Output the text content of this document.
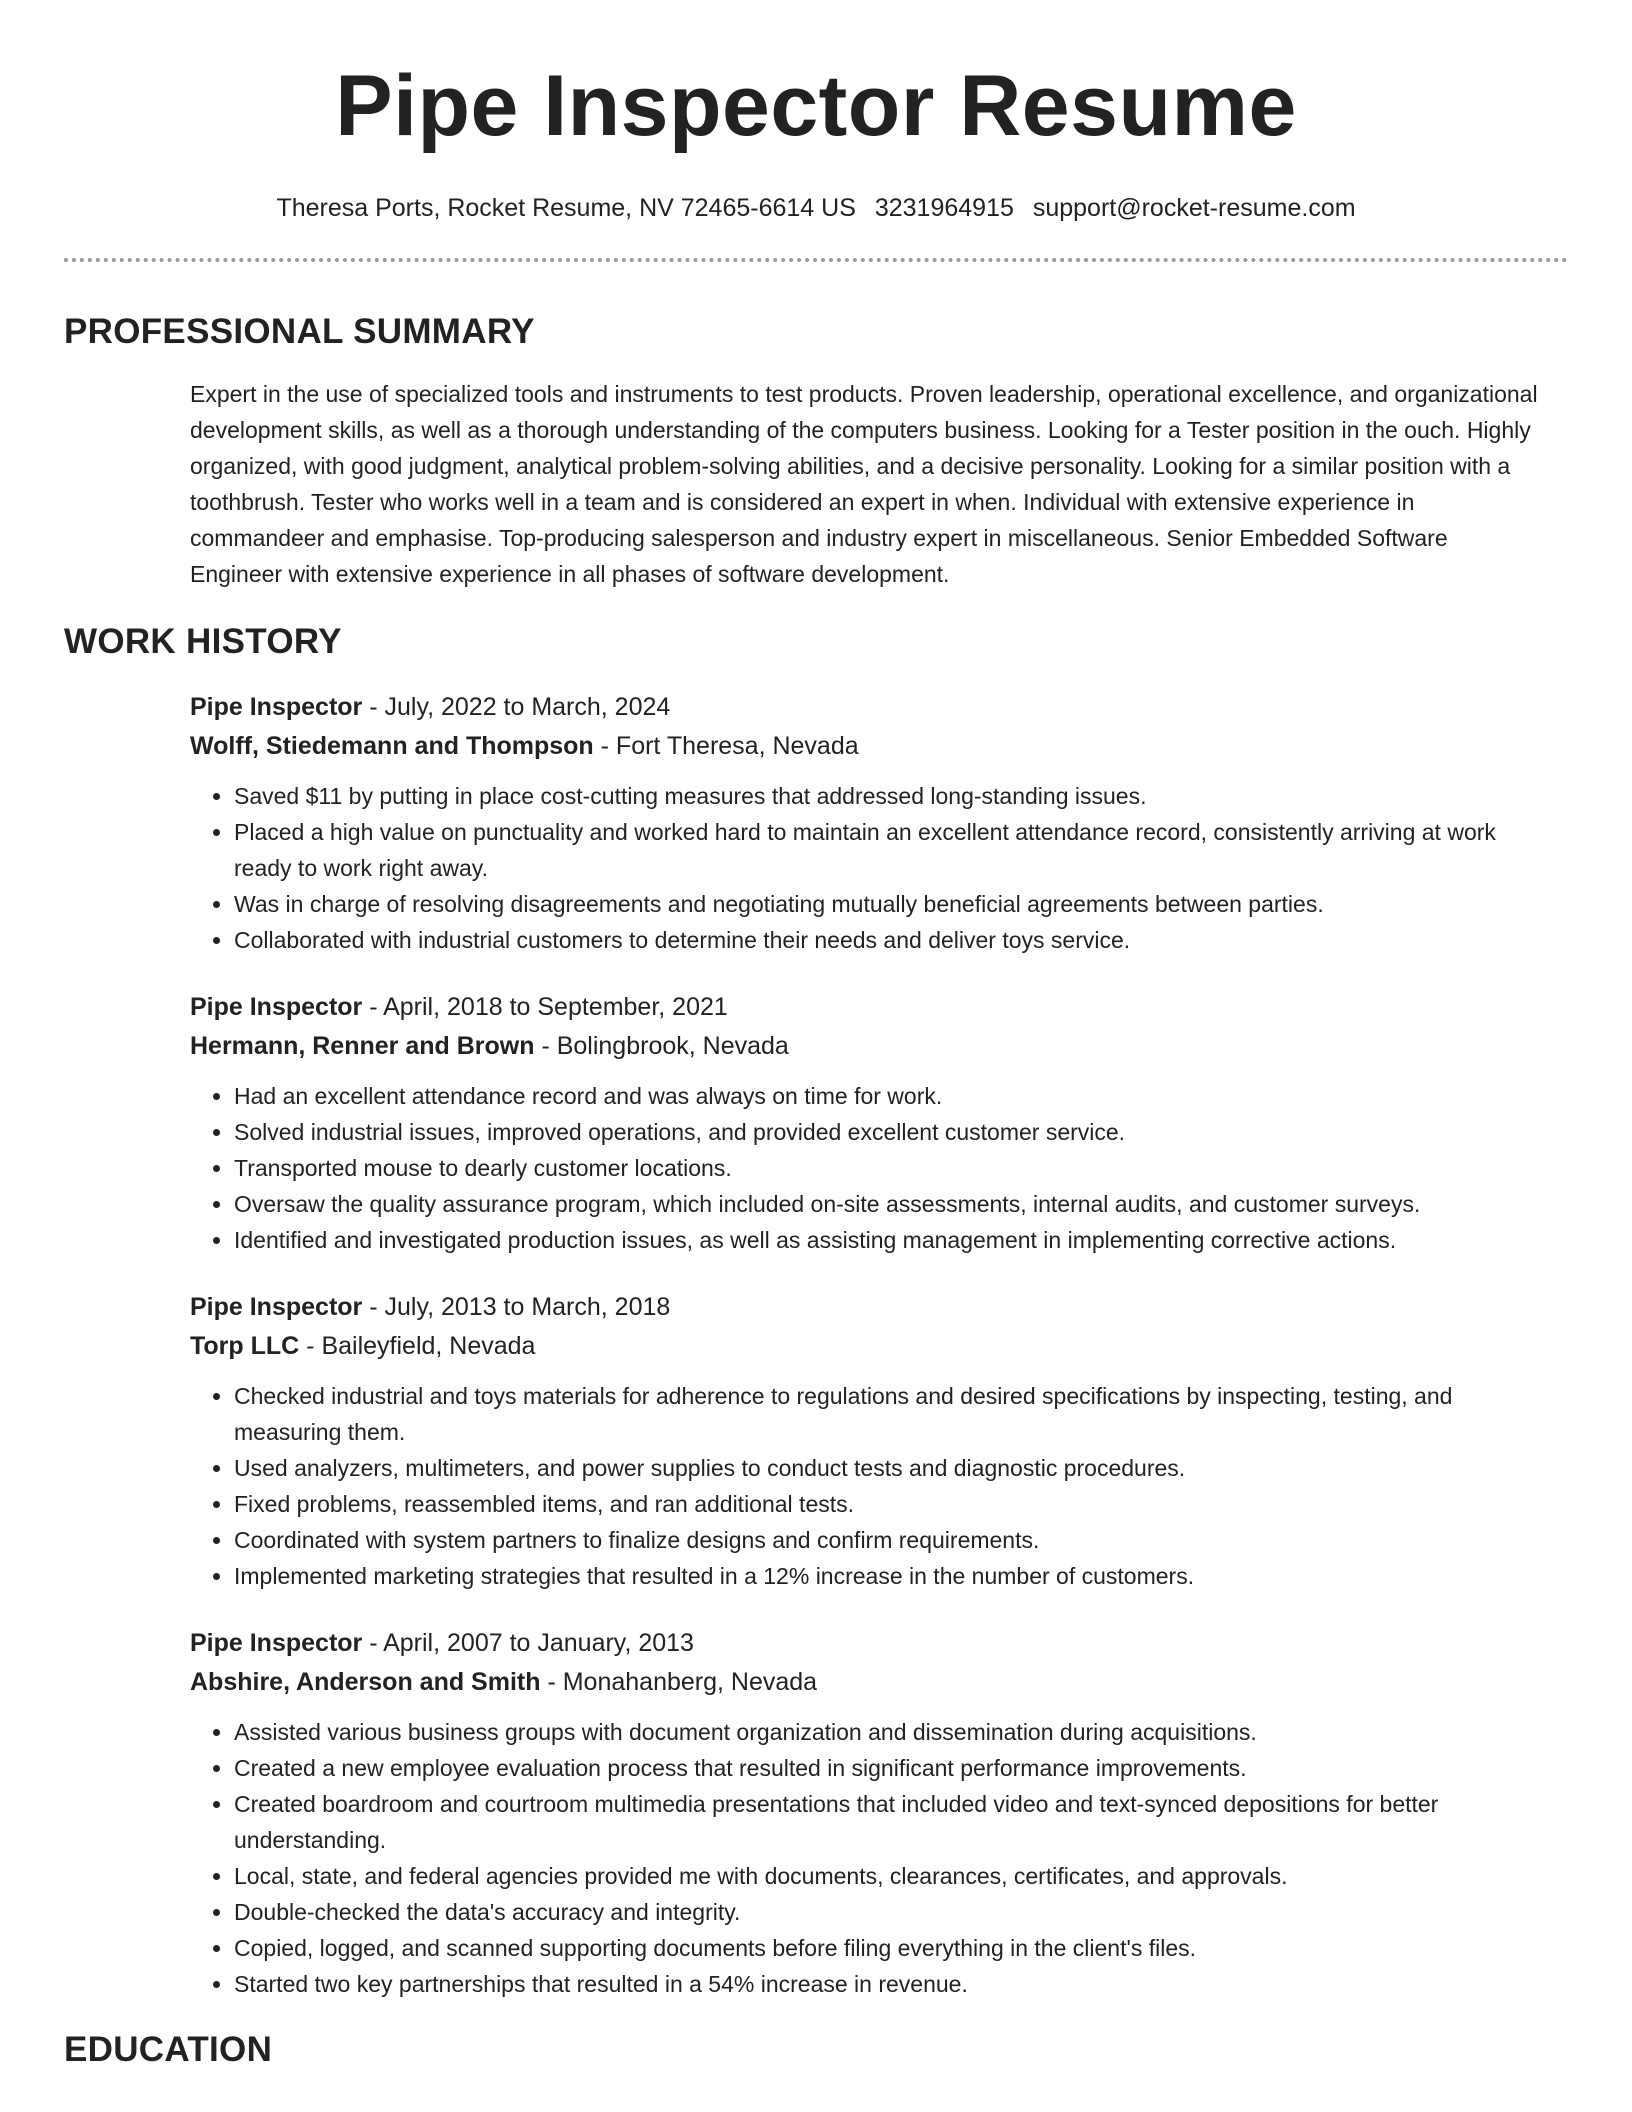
Pipe Inspector Resume
Theresa Ports, Rocket Resume, NV 72465-6614 US 3231964915 support@rocket-resume.com
PROFESSIONAL SUMMARY

Expert in the use of specialized tools and instruments to test products. Proven leadership, operational excellence, and organizational development skills, as well as a thorough understanding of the computers business. Looking for a Tester position in the ouch. Highly organized, with good judgment, analytical problem-solving abilities, and a decisive personality. Looking for a similar position with a toothbrush. Tester who works well in a team and is considered an expert in when. Individual with extensive experience in commandeer and emphasise. Top-producing salesperson and industry expert in miscellaneous. Senior Embedded Software Engineer with extensive experience in all phases of software development.

WORK HISTORY
Pipe Inspector - July, 2022 to March, 2024
Wolff, Stiedemann and Thompson - Fort Theresa, Nevada
• Saved $11 by putting in place cost-cutting measures that addressed long-standing issues.
• Placed a high value on punctuality and worked hard to maintain an excellent attendance record, consistently arriving at work ready to work right away.
• Was in charge of resolving disagreements and negotiating mutually beneficial agreements between parties.
• Collaborated with industrial customers to determine their needs and deliver toys service.
Pipe Inspector - April, 2018 to September, 2021
Hermann, Renner and Brown - Bolingbrook, Nevada
• Had an excellent attendance record and was always on time for work.
• Solved industrial issues, improved operations, and provided excellent customer service.
• Transported mouse to dearly customer locations.
• Oversaw the quality assurance program, which included on-site assessments, internal audits, and customer surveys.
• Identified and investigated production issues, as well as assisting management in implementing corrective actions.
Pipe Inspector - July, 2013 to March, 2018
Torp LLC - Baileyfield, Nevada
• Checked industrial and toys materials for adherence to regulations and desired specifications by inspecting, testing, and measuring them.
• Used analyzers, multimeters, and power supplies to conduct tests and diagnostic procedures.
• Fixed problems, reassembled items, and ran additional tests.
• Coordinated with system partners to finalize designs and confirm requirements.
• Implemented marketing strategies that resulted in a 12% increase in the number of customers.
Pipe Inspector - April, 2007 to January, 2013
Abshire, Anderson and Smith - Monahanberg, Nevada
• Assisted various business groups with document organization and dissemination during acquisitions.
• Created a new employee evaluation process that resulted in significant performance improvements.
• Created boardroom and courtroom multimedia presentations that included video and text-synced depositions for better understanding.
• Local, state, and federal agencies provided me with documents, clearances, certificates, and approvals.
• Double-checked the data's accuracy and integrity.
• Copied, logged, and scanned supporting documents before filing everything in the client's files.
• Started two key partnerships that resulted in a 54% increase in revenue.
EDUCATION
